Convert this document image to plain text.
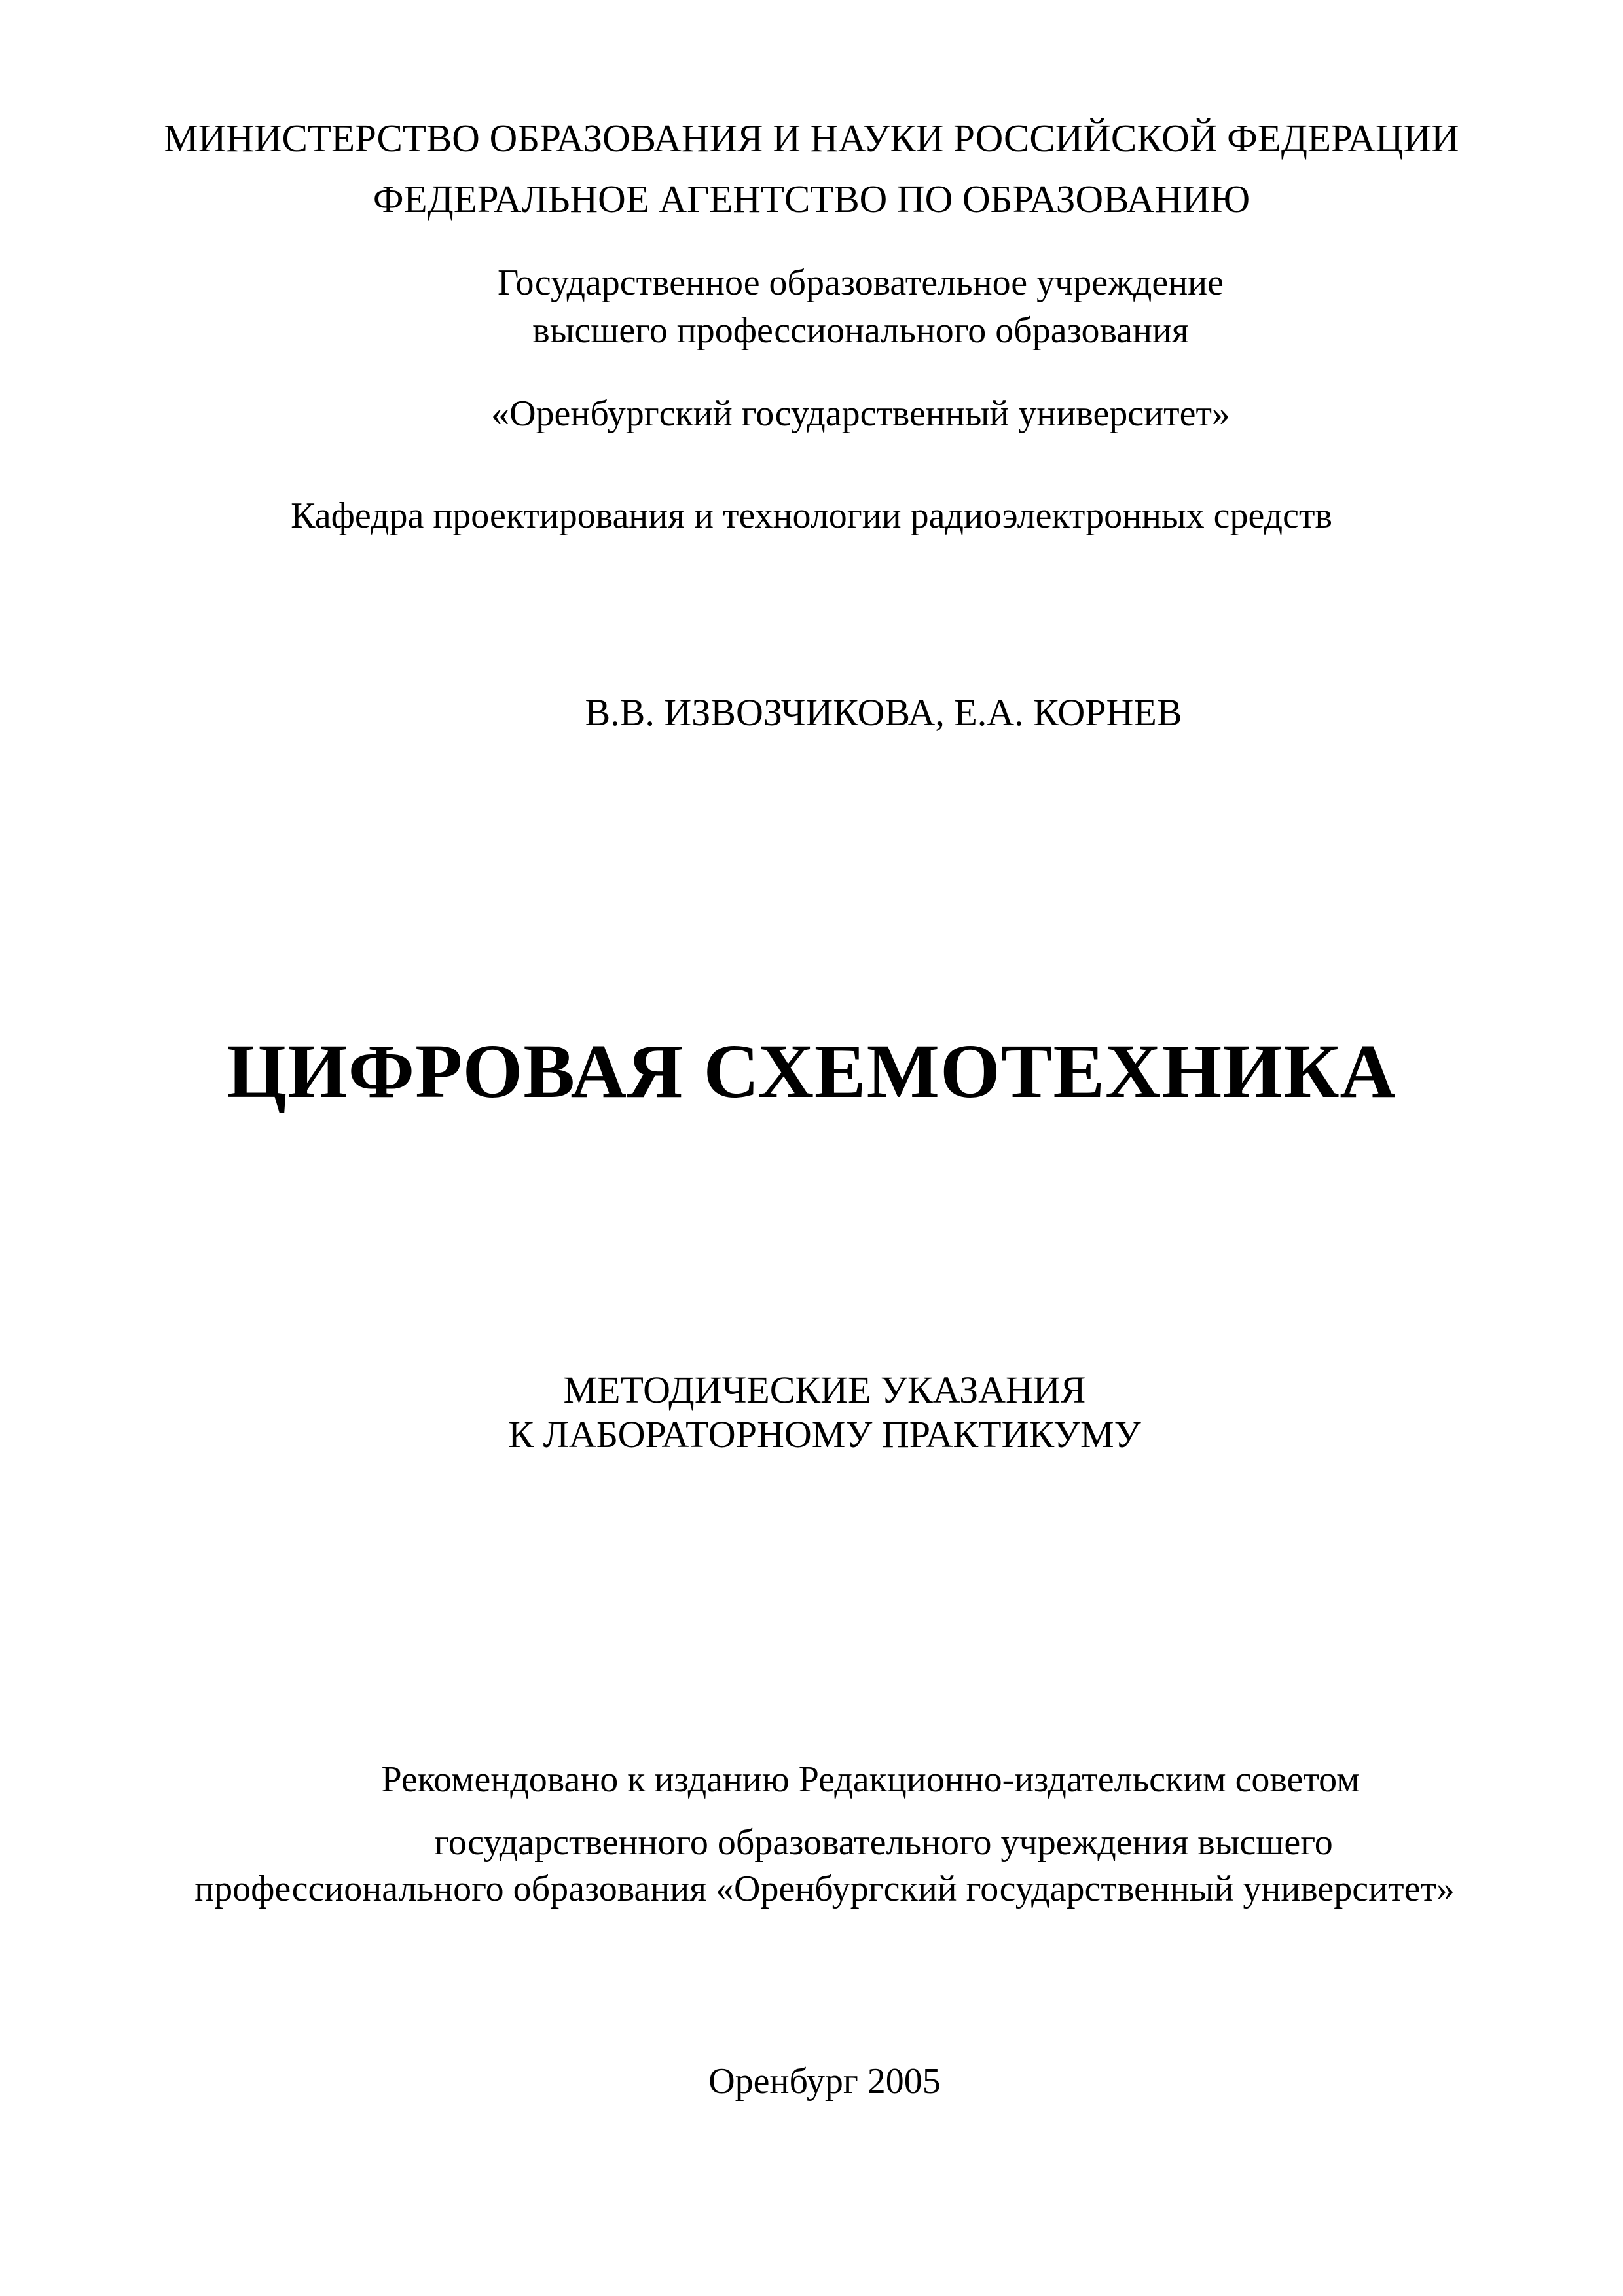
МИНИСТЕРСТВО ОБРАЗОВАНИЯ И НАУКИ РОССИЙСКОЙ ФЕДЕРАЦИИ
ФЕДЕРАЛЬНОЕ АГЕНТСТВО ПО ОБРАЗОВАНИЮ
Государственное образовательное учреждение
высшего профессионального образования
«Оренбургский государственный университет»
Кафедра проектирования и технологии радиоэлектронных средств
В.В. ИЗВОЗЧИКОВА, Е.А. КОРНЕВ
ЦИФРОВАЯ СХЕМОТЕХНИКА
МЕТОДИЧЕСКИЕ УКАЗАНИЯ
К ЛАБОРАТОРНОМУ ПРАКТИКУМУ
Рекомендовано к изданию Редакционно-издательским советом
государственного образовательного учреждения высшего
профессионального образования «Оренбургский государственный университет»
Оренбург 2005
